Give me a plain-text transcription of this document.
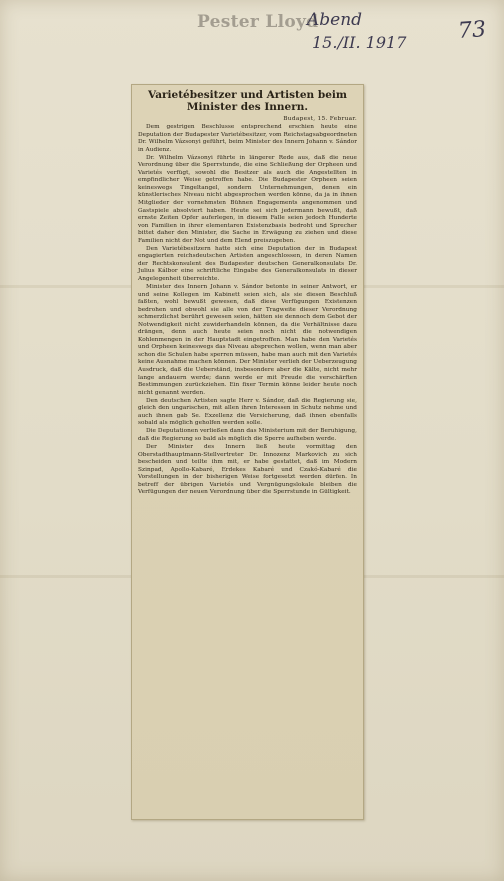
Pester Lloyd
Abend
15./II. 1917 73
Varietébesitzer und Artisten beim Minister des Innern.
Budapest, 15. Februar.

Dem gestrigen Beschlusse entsprechend erschien heute eine Deputation der Budapester Varietébesitzer, vom Reichstagsabgeordneten Dr. Wilhelm Vázsonyi geführt, beim Minister des Innern Johann v. Sándor in Audienz.

Dr. Wilhelm Vázsonyi führte in längerer Rede aus, daß die neue Verordnung über die Sperrstunde, die eine Schließung der Orpheen und Varietés verfügt, sowohl die Besitzer als auch die Angestellten in empfindlicher Weise getroffen habe. Die Budapester Orpheen seien keineswegs Tingeltangel, sondern Unternehmungen, denen ein künstlerisches Niveau nicht abgesprochen werden könne, da ja in ihnen Mitglieder der vornehmsten Bühnen Engagements angenommen und Gastspiele absolviert haben. Heute sei sich jedermann bewußt, daß ernste Zeiten Opfer auferlegen, in diesem Falle seien jedoch Hunderte von Familien in ihrer elementaren Existenzbasis bedroht und Sprecher bittet daher den Minister, die Sache in Erwägung zu ziehen und diese Familien nicht der Not und dem Elend preiszugeben.

Den Varietébesitzern hatte sich eine Deputation der in Budapest engagierten reichsdeutschen Artisten angeschlossen, in deren Namen der Rechtskonsulent des Budapester deutschen Generalkonsulats Dr. Julius Kálbor eine schriftliche Eingabe des Generalkonsulats in dieser Angelegenheit überreichte.

Minister des Innern Johann v. Sándor betonte in seiner Antwort, er und seine Kollegen im Kabinett seien sich, als sie diesen Beschluß faßten, wohl bewußt gewesen, daß diese Verfügungen Existenzen bedrohen und obwohl sie alle von der Tragweite dieser Verordnung schmerzlichst berührt gewesen seien, hätten sie dennoch dem Gebot der Notwendigkeit nicht zuwiderhandeln können, da die Verhältnisse dazu drängen, denn auch heute seien noch nicht die notwendigen Kohlenmengen in der Hauptstadt eingetroffen. Man habe den Varietés und Orpheen keineswegs das Niveau absprechen wollen, wenn man aber schon die Schulen habe sperren müssen, habe man auch mit den Varietés keine Ausnahme machen können. Der Minister verlieh der Ueberzeugung Ausdruck, daß die Ueberständ, insbesondere aber die Kälte, nicht mehr lange andauern werde; dann werde er mit Freude die verschärften Bestimmungen zurückziehen. Ein fixer Termin könne leider heute noch nicht genannt werden.

Den deutschen Artisten sagte Herr v. Sándor, daß die Regierung sie, gleich den ungarischen, mit allen ihren Interessen in Schutz nehme und auch ihnen gab Se. Exzellenz die Versicherung, daß ihnen ebenfalls sobald als möglich geholfen werden solle.

Die Deputationen verließen dann das Ministerium mit der Beruhigung, daß die Regierung so bald als möglich die Sperre aufheben werde.

Der Minister des Innern ließ heute vormittag den Oberstadthauptmann-Stellvertreter Dr. Innozenz Markovich zu sich bescheiden und teilte ihm mit, er habe gestattet, daß im Modern Szinpad, Apollo-Kabaré, Erdekes Kabaré und Czakó-Kabaré die Vorstellungen in der bisherigen Weise fortgesetzt werden dürfen. In betreff der übrigen Varietés und Vergnügungslokale bleiben die Verfügungen der neuen Verordnung über die Sperrstunde in Gültigkeit.
